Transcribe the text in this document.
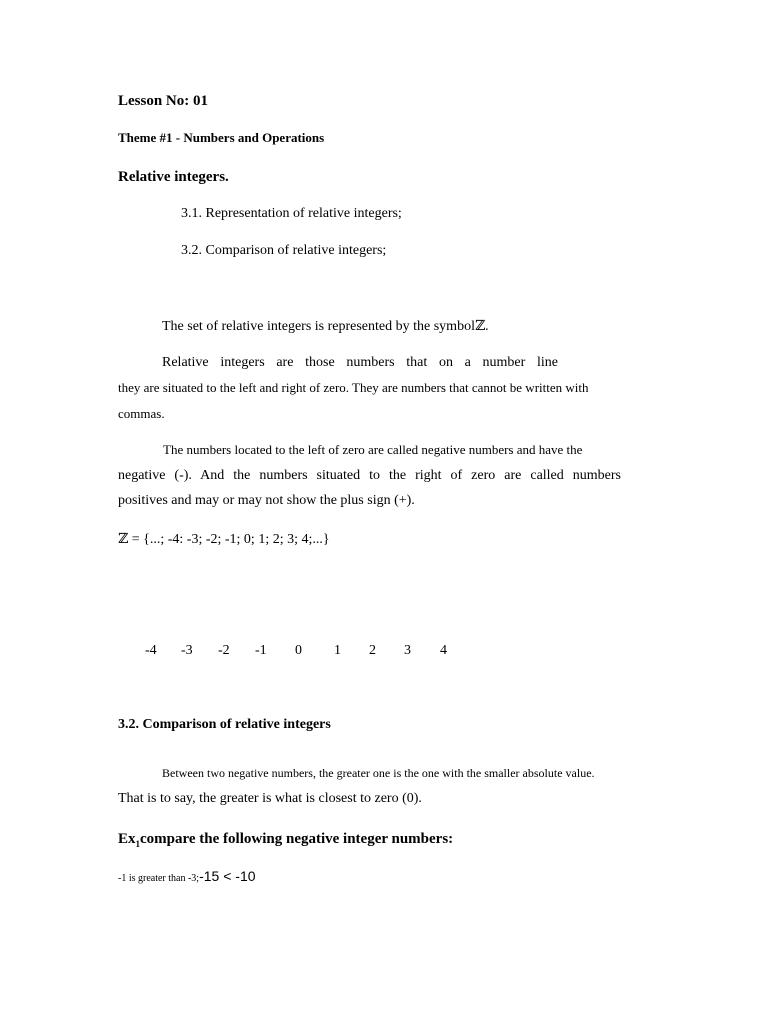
Lesson No: 01
Theme #1 - Numbers and Operations
Relative integers.
3.1. Representation of relative integers;
3.2. Comparison of relative integers;
The set of relative integers is represented by the symbolℤ.
Relative integers are those numbers that on a number line
they are situated to the left and right of zero. They are numbers that cannot be written with
commas.
The numbers located to the left of zero are called negative numbers and have the
negative (-). And the numbers situated to the right of zero are called numbers
positives and may or may not show the plus sign (+).
ℤ = {...; -4: -3; -2; -1; 0; 1; 2; 3; 4;...}
-4 -3 -2 -1 0 1 2 3 4
3.2. Comparison of relative integers
Between two negative numbers, the greater one is the one with the smaller absolute value.
That is to say, the greater is what is closest to zero (0).
$Ex_1compare$ the following negative integer numbers:
-1 is greater than -3;-15 < -10
